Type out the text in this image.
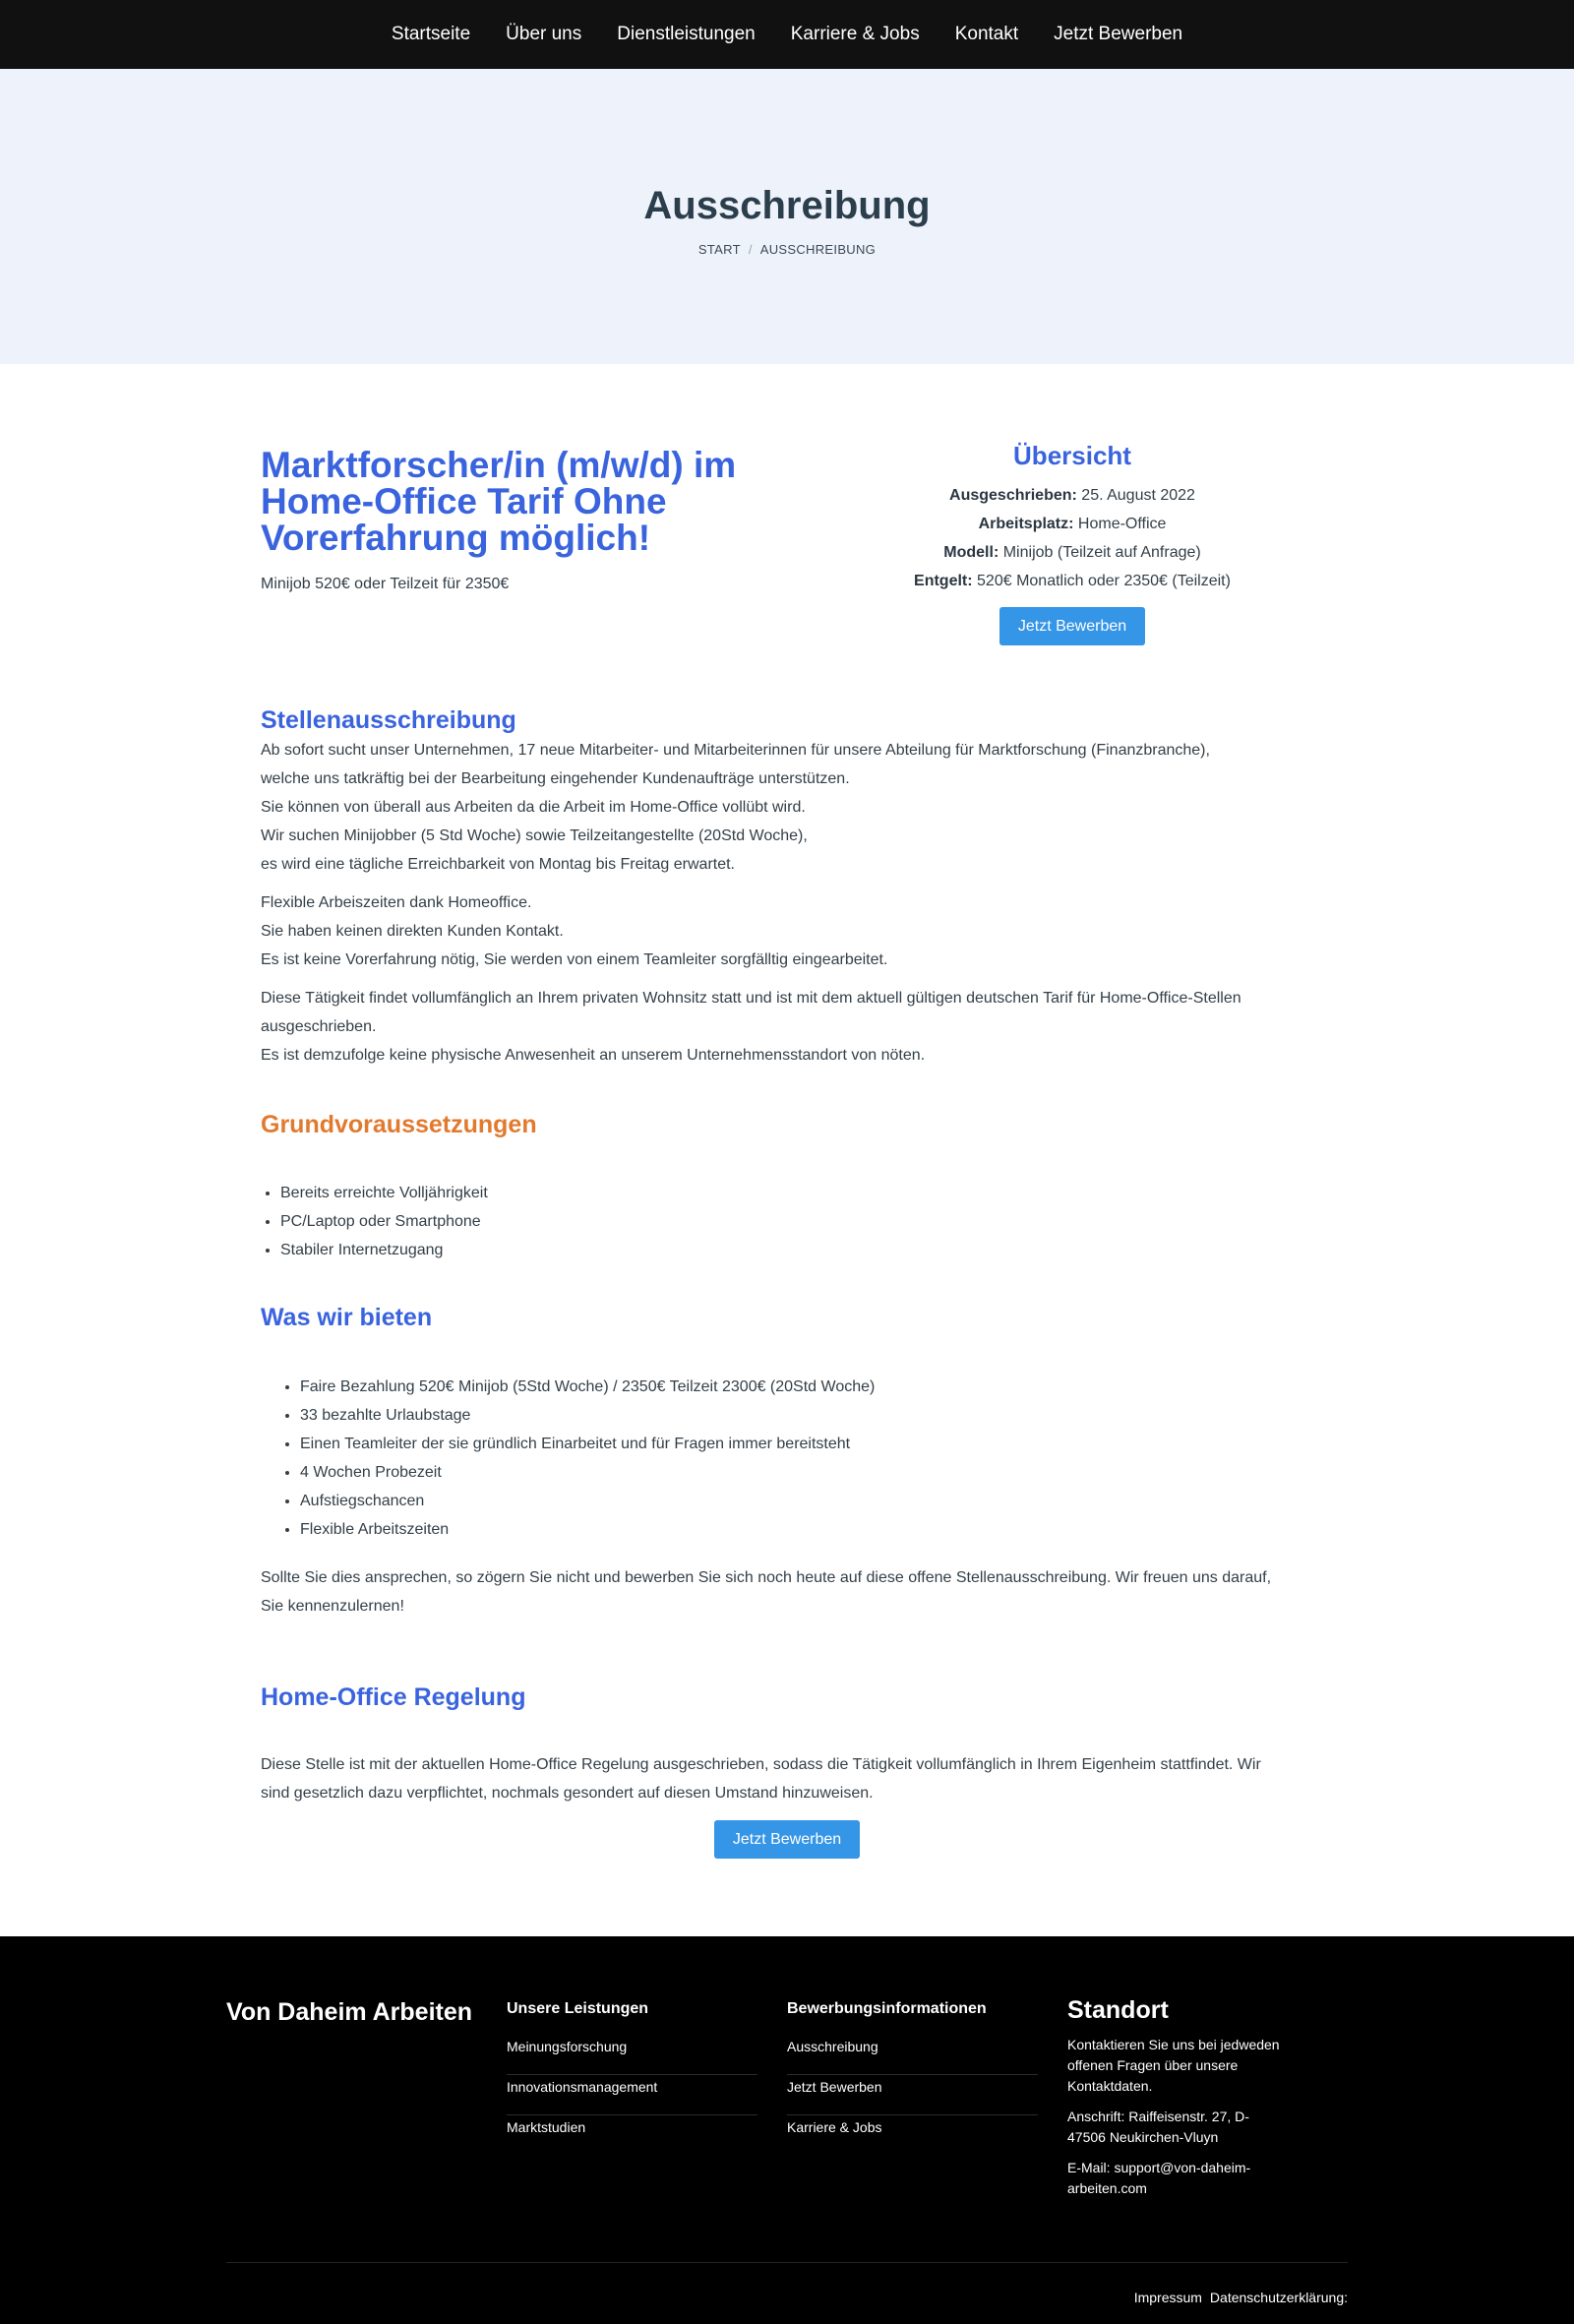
Startseite	Über uns	Dienstleistungen	Karriere & Jobs	Kontakt	Jetzt Bewerben
Ausschreibung
START / AUSSCHREIBUNG
Marktforscher/in (m/w/d) im Home-Office Tarif Ohne Vorerfahrung möglich!

Minijob 520€ oder Teilzeit für 2350€

Übersicht
Ausgeschrieben: 25. August 2022
Arbeitsplatz: Home-Office
Modell: Minijob (Teilzeit auf Anfrage)
Entgelt: 520€ Monatlich oder 2350€ (Teilzeit)
Jetzt Bewerben
Stellenausschreibung
Ab sofort sucht unser Unternehmen, 17 neue Mitarbeiter- und Mitarbeiterinnen für unsere Abteilung für Marktforschung (Finanzbranche),
welche uns tatkräftig bei der Bearbeitung eingehender Kundenaufträge unterstützen.
Sie können von überall aus Arbeiten da die Arbeit im Home-Office vollübt wird.
Wir suchen Minijobber (5 Std Woche) sowie Teilzeitangestellte (20Std Woche),
es wird eine tägliche Erreichbarkeit von Montag bis Freitag erwartet.
Flexible Arbeiszeiten dank Homeoffice.
Sie haben keinen direkten Kunden Kontakt.
Es ist keine Vorerfahrung nötig, Sie werden von einem Teamleiter sorgfälltig eingearbeitet.
Diese Tätigkeit findet vollumfänglich an Ihrem privaten Wohnsitz statt und ist mit dem aktuell gültigen deutschen Tarif für Home-Office-Stellen
ausgeschrieben.
Es ist demzufolge keine physische Anwesenheit an unserem Unternehmensstandort von nöten.
Grundvoraussetzungen
• Bereits erreichte Volljährigkeit
• PC/Laptop oder Smartphone
• Stabiler Internetzugang
Was wir bieten
• Faire Bezahlung 520€ Minijob (5Std Woche) / 2350€ Teilzeit 2300€ (20Std Woche)
• 33 bezahlte Urlaubstage
• Einen Teamleiter der sie gründlich Einarbeitet und für Fragen immer bereitsteht
• 4 Wochen Probezeit
• Aufstiegschancen
• Flexible Arbeitszeiten
Sollte Sie dies ansprechen, so zögern Sie nicht und bewerben Sie sich noch heute auf diese offene Stellenausschreibung. Wir freuen uns darauf,
Sie kennenzulernen!
Home-Office Regelung
Diese Stelle ist mit der aktuellen Home-Office Regelung ausgeschrieben, sodass die Tätigkeit vollumfänglich in Ihrem Eigenheim stattfindet. Wir
sind gesetzlich dazu verpflichtet, nochmals gesondert auf diesen Umstand hinzuweisen.
Jetzt Bewerben
Von Daheim Arbeiten	Unsere Leistungen
Meinungsforschung
Innovationsmanagement
Marktstudien
Bewerbungsinformationen
Ausschreibung
Jetzt Bewerben
Karriere & Jobs
Standort

Kontaktieren Sie uns bei jedweden offenen Fragen über unsere Kontaktdaten.

Anschrift: Raiffeisenstr. 27, D-47506 Neukirchen-Vluyn

E-Mail: support@von-daheim-arbeiten.com

Impressum Datenschutzerklärung:
